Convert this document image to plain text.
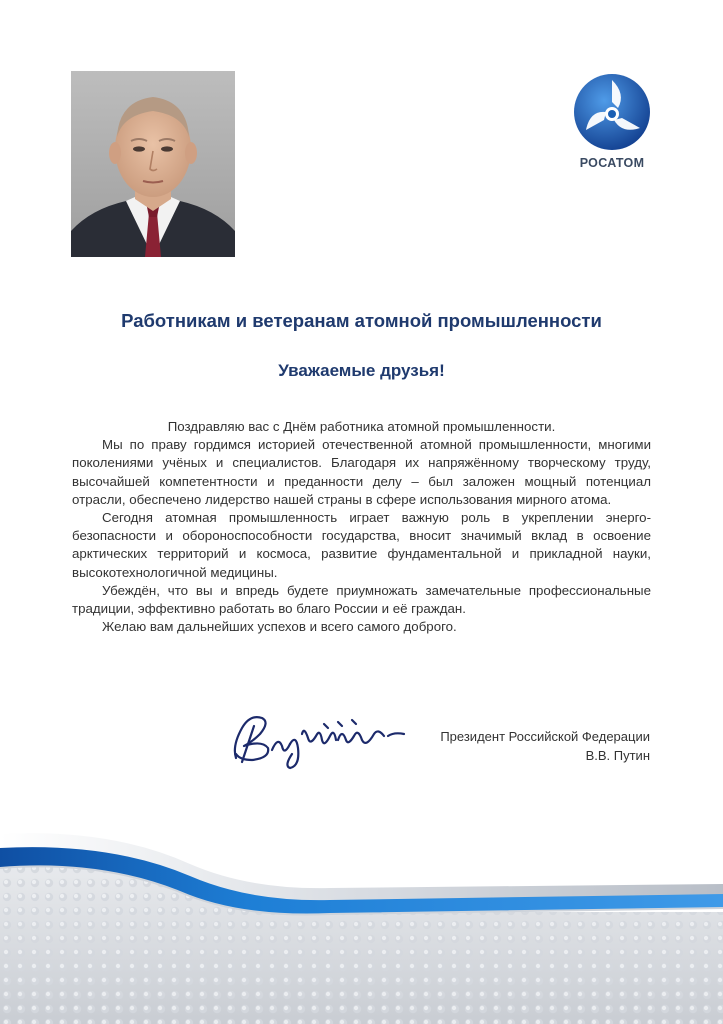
РОСАТОМ
Работникам и ветеранам атомной промышленности
Уважаемые друзья!

Поздравляю вас с Днём работника атомной промышленности.

Мы по праву гордимся историей отечественной атомной промышленности, многими поколениями учёных и специалистов. Благодаря их напряжённому творческому труду, высочайшей компетентности и преданности делу – был заложен мощный потенциал отрасли, обеспечено лидерство нашей страны в сфере использования мирного атома.

Сегодня атомная промышленность играет важную роль в укреплении энергобезопасности и обороноспособности государства, вносит значимый вклад в освоение арктических территорий и космоса, развитие фундаментальной и прикладной науки, высокотехнологичной медицины.

Убеждён, что вы и впредь будете приумножать замечательные профессиональные традиции, эффективно работать во благо России и её граждан.

Желаю вам дальнейших успехов и всего самого доброго.

Президент Российской Федерации
В.В. Путин
